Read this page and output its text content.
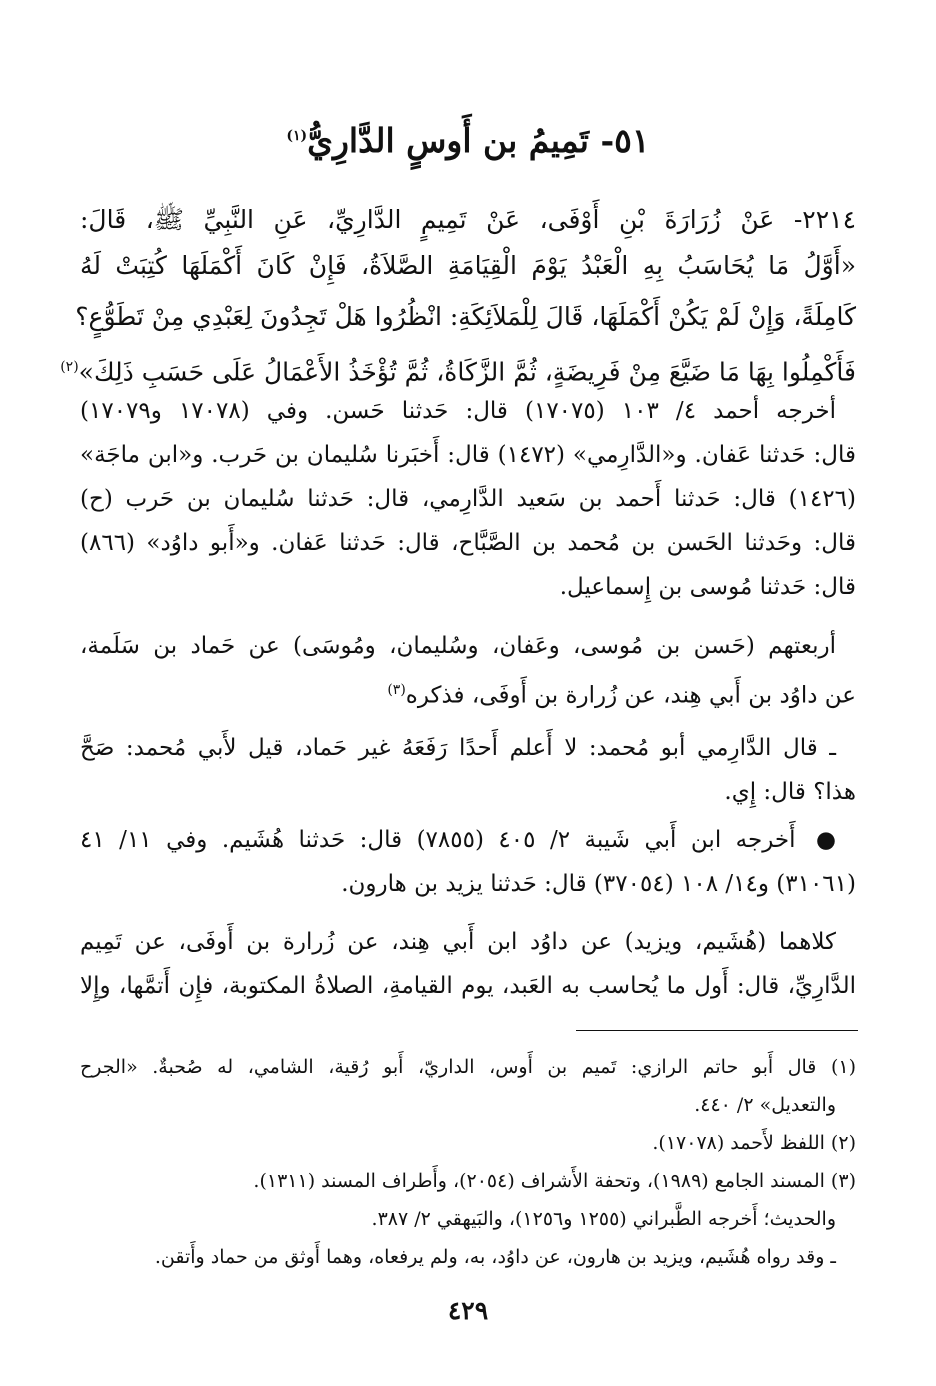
٥١- تَمِيمُ بن أَوسٍ الدَّارِيُّ$^{(١)}$
٢٢١٤- عَنْ زُرَارَةَ بْنِ أَوْفَى، عَنْ تَمِيمٍ الدَّارِيِّ، عَنِ النَّبِيِّ ﷺ، قَالَ:
«أَوَّلُ مَا يُحَاسَبُ بِهِ الْعَبْدُ يَوْمَ الْقِيَامَةِ الصَّلاَةُ، فَإِنْ كَانَ أَكْمَلَهَا كُتِبَتْ لَهُ
كَامِلَةً، وَإِنْ لَمْ يَكُنْ أَكْمَلَهَا، قَالَ لِلْمَلاَئِكَةِ: انْظُرُوا هَلْ تَجِدُونَ لِعَبْدِي مِنْ تَطَوُّعٍ؟
فَأَكْمِلُوا بِهَا مَا ضَيَّعَ مِنْ فَرِيضَةٍ، ثُمَّ الزَّكَاةُ، ثُمَّ تُؤْخَذُ الأَعْمَالُ عَلَى حَسَبِ ذَلِكَ»$^{(٢)}$
أخرجه أحمد ٤/ ١٠٣ (١٧٠٧٥) قال: حَدثنا حَسن. وفي (١٧٠٧٨ و١٧٠٧٩)
قال: حَدثنا عَفان. و«الدَّارِمي» (١٤٧٢) قال: أَخبَرنا سُليمان بن حَرب. و«ابن ماجَة»
(١٤٢٦) قال: حَدثنا أَحمد بن سَعيد الدَّارِمي، قال: حَدثنا سُليمان بن حَرب (ح)
قال: وحَدثنا الحَسن بن مُحمد بن الصَّبَّاح، قال: حَدثنا عَفان. و«أَبو داوُد» (٨٦٦)
قال: حَدثنا مُوسى بن إِسماعيل.
أربعتهم (حَسن بن مُوسى، وعَفان، وسُليمان، ومُوسَى) عن حَماد بن سَلَمة،
عن داوُد بن أَبي هِند، عن زُرارة بن أَوفَى، فذكره$^{(٣)}$
ـ قال الدَّارِمي أبو مُحمد: لا أَعلم أَحدًا رَفَعَهُ غير حَماد، قيل لأَبي مُحمد: صَحَّ
هذا؟ قال: إِي.
● أَخرجه ابن أَبي شَيبة ٢/ ٤٠٥ (٧٨٥٥) قال: حَدثنا هُشَيم. وفي ١١/ ٤١
(٣١٠٦١) و١٤/ ١٠٨ (٣٧٠٥٤) قال: حَدثنا يزيد بن هارون.
كلاهما (هُشَيم، ويزيد) عن داوُد ابن أَبي هِند، عن زُرارة بن أَوفَى، عن تَمِيم
الدَّارِيِّ، قال: أَول ما يُحاسب به العَبد، يوم القيامةِ، الصلاةُ المكتوبة، فإِن أَتمَّها، وإِلا
(١) قال أَبو حاتم الرازي: تَميم بن أَوس، الداريّ، أَبو رُقية، الشامي، له صُحبةٌ. «الجرح
والتعديل» ٢/ ٤٤٠.
(٢) اللفظ لأَحمد (١٧٠٧٨).
(٣) المسند الجامع (١٩٨٩)، وتحفة الأَشراف (٢٠٥٤)، وأَطراف المسند (١٣١١).
والحديث؛ أَخرجه الطَّبراني (١٢٥٥ و١٢٥٦)، والبَيهقي ٢/ ٣٨٧.
ـ وقد رواه هُشَيم، ويزيد بن هارون، عن داوُد، به، ولم يرفعاه، وهما أَوثق من حماد وأَتقن.
٤٢٩
